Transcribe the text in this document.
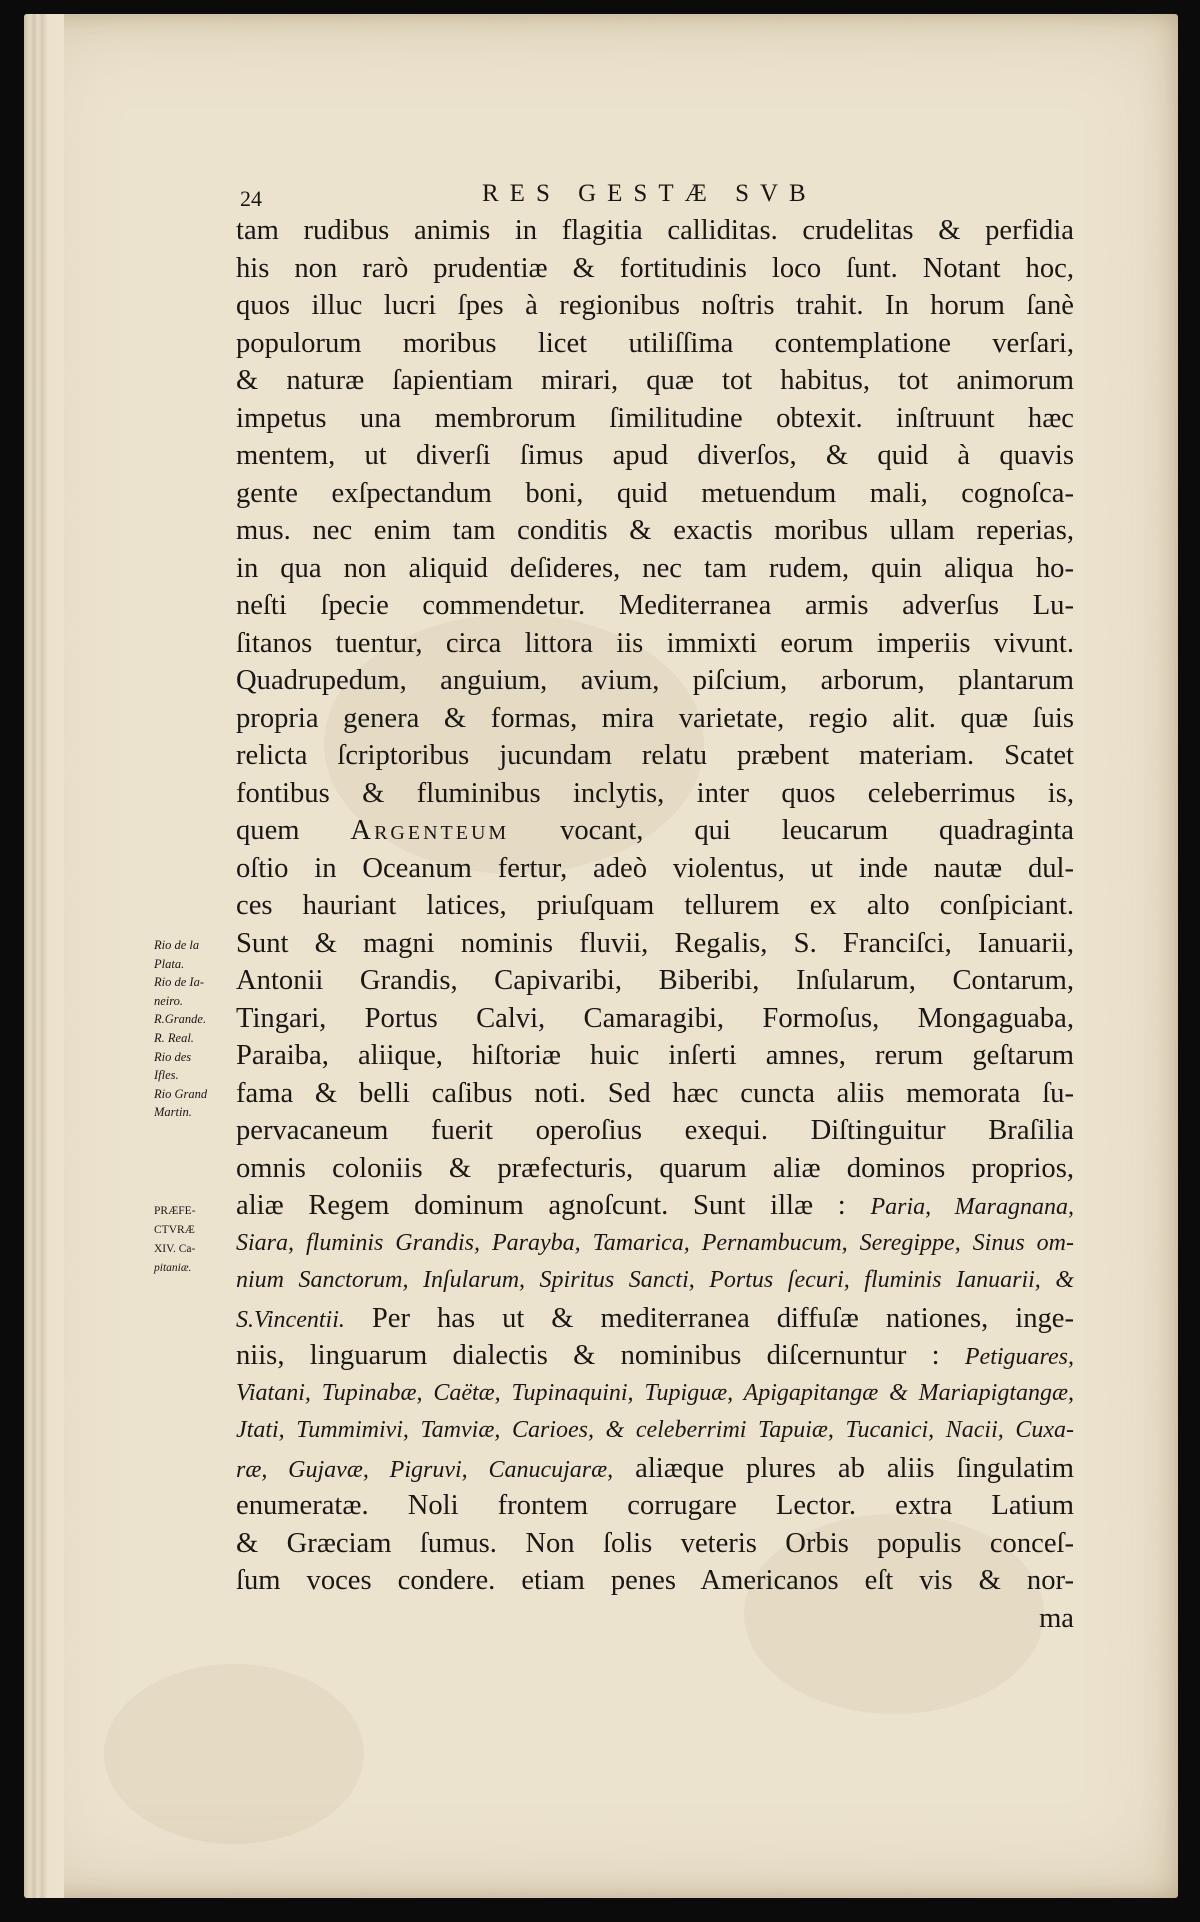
24	RES GESTÆ SVB
Rio de la
Plata.
Rio de Ia-
neiro.
R.Grande.
R. Real.
Rio des
Ifles.
Rio Grand
Martin.
PRÆFE-
CTVRÆ
XIV. Ca-
pitaniæ.
tam rudibus animis in flagitia calliditas. crudelitas & perfidia
his non rarò prudentiæ & fortitudinis loco ſunt. Notant hoc,
quos illuc lucri ſpes à regionibus noſtris trahit. In horum ſanè
populorum moribus licet utiliſſima contemplatione verſari,
& naturæ ſapientiam mirari, quæ tot habitus, tot animorum
impetus una membrorum ſimilitudine obtexit. inſtruunt hæc
mentem, ut diverſi ſimus apud diverſos, & quid à quavis
gente exſpectandum boni, quid metuendum mali, cognoſca-
mus. nec enim tam conditis & exactis moribus ullam reperias,
in qua non aliquid deſideres, nec tam rudem, quin aliqua ho-
neſti ſpecie commendetur. Mediterranea armis adverſus Lu-
ſitanos tuentur, circa littora iis immixti eorum imperiis vivunt.
Quadrupedum, anguium, avium, piſcium, arborum, plantarum
propria genera & formas, mira varietate, regio alit. quæ ſuis
relicta ſcriptoribus jucundam relatu præbent materiam. Scatet
fontibus & fluminibus inclytis, inter quos celeberrimus is,
quem Argenteum vocant, qui leucarum quadraginta
oſtio in Oceanum fertur, adeò violentus, ut inde nautæ dul-
ces hauriant latices, priuſquam tellurem ex alto conſpiciant.
Sunt & magni nominis fluvii, Regalis, S. Franciſci, Ianuarii,
Antonii Grandis, Capivaribi, Biberibi, Inſularum, Contarum,
Tingari, Portus Calvi, Camaragibi, Formoſus, Mongaguaba,
Paraiba, aliique, hiſtoriæ huic inſerti amnes, rerum geſtarum
fama & belli caſibus noti. Sed hæc cuncta aliis memorata ſu-
pervacaneum fuerit operoſius exequi. Diſtinguitur Braſilia
omnis coloniis & præfecturis, quarum aliæ dominos proprios,
aliæ Regem dominum agnoſcunt. Sunt illæ : Paria, Maragnana,
Siara, fluminis Grandis, Parayba, Tamarica, Pernambucum, Seregippe, Sinus om-
nium Sanctorum, Inſularum, Spiritus Sancti, Portus ſecuri, fluminis Ianuarii, &
S.Vincentii. Per has ut & mediterranea diffuſæ nationes, inge-
niis, linguarum dialectis & nominibus diſcernuntur : Petiguares,
Viatani, Tupinabæ, Caëtæ, Tupinaquini, Tupiguæ, Apigapitangæ & Mariapigtangæ,
Jtati, Tummimivi, Tamviæ, Carioes, & celeberrimi Tapuiæ, Tucanici, Nacii, Cuxa-
ræ, Gujavæ, Pigruvi, Canucujaræ, aliæque plures ab aliis ſingulatim
enumeratæ. Noli frontem corrugare Lector. extra Latium
& Græciam ſumus. Non ſolis veteris Orbis populis conceſ-
ſum voces condere. etiam penes Americanos eſt vis & nor-
ma
